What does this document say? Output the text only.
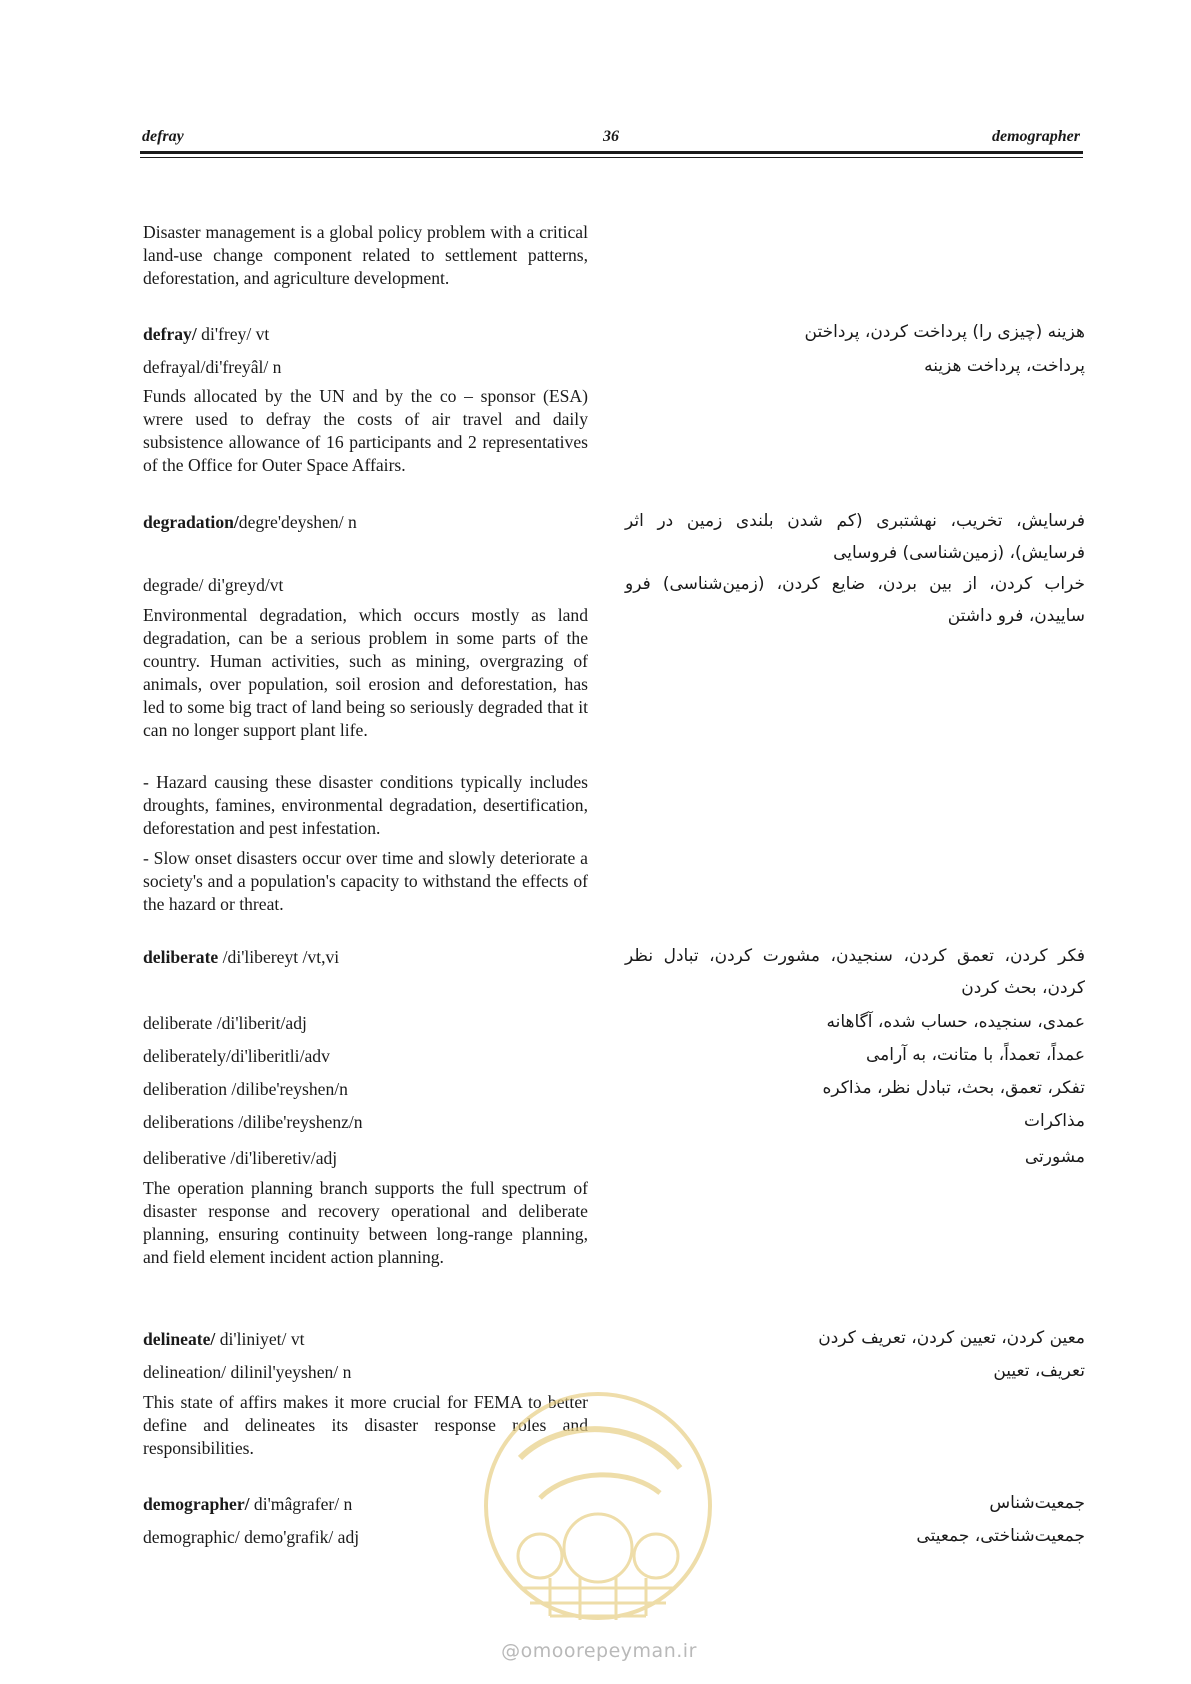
defray	36	demographer

Disaster management is a global policy problem with a critical land-use change component related to settlement patterns, deforestation, and agriculture development.

defray/ di'frey/ vt	هزینه (چیزی را) پرداخت کردن، پرداختن

defrayal/di'freyâl/ n	پرداخت، پرداخت هزینه

Funds allocated by the UN and by the co – sponsor (ESA) wrere used to defray the costs of air travel and daily subsistence allowance of 16 participants and 2 representatives of the Office for Outer Space Affairs.

degradation/degre'deyshen/ n	فرسایش، تخریب، نهشتبری (کم شدن بلندی زمین در اثر فرسایش)، (زمین‌شناسی) فروسایی

degrade/ di'greyd/vt	خراب کردن، از بین بردن، ضایع کردن، (زمین‌شناسی) فرو ساییدن، فرو داشتن

Environmental degradation, which occurs mostly as land degradation, can be a serious problem in some parts of the country. Human activities, such as mining, overgrazing of animals, over population, soil erosion and deforestation, has led to some big tract of land being so seriously degraded that it can no longer support plant life.

- Hazard causing these disaster conditions typically includes droughts, famines, environmental degradation, desertification, deforestation and pest infestation.

- Slow onset disasters occur over time and slowly deteriorate a society's and a population's capacity to withstand the effects of the hazard or threat.

deliberate /di'libereyt /vt,vi	فکر کردن، تعمق کردن، سنجیدن، مشورت کردن، تبادل نظر کردن، بحث کردن

deliberate /di'liberit/adj	عمدی، سنجیده، حساب شده، آگاهانه

deliberately/di'liberitli/adv	عمداً، تعمداً، با متانت، به آرامی

deliberation /dilibe'reyshen/n	تفکر، تعمق، بحث، تبادل نظر، مذاکره

deliberations /dilibe'reyshenz/n	مذاکرات

deliberative /di'liberetiv/adj	مشورتی

The operation planning branch supports the full spectrum of disaster response and recovery operational and deliberate planning, ensuring continuity between long-range planning, and field element incident action planning.

delineate/ di'liniyet/ vt	معین کردن، تعیین کردن، تعریف کردن

delineation/ dilinil'yeyshen/ n	تعریف، تعیین

This state of affirs makes it more crucial for FEMA to better define and delineates its disaster response roles and responsibilities.

demographer/ di'mâgrafer/ n	جمعیت‌شناس

demographic/ demo'grafik/ adj	جمعیت‌شناختی، جمعیتی

@omoorepeyman.ir
